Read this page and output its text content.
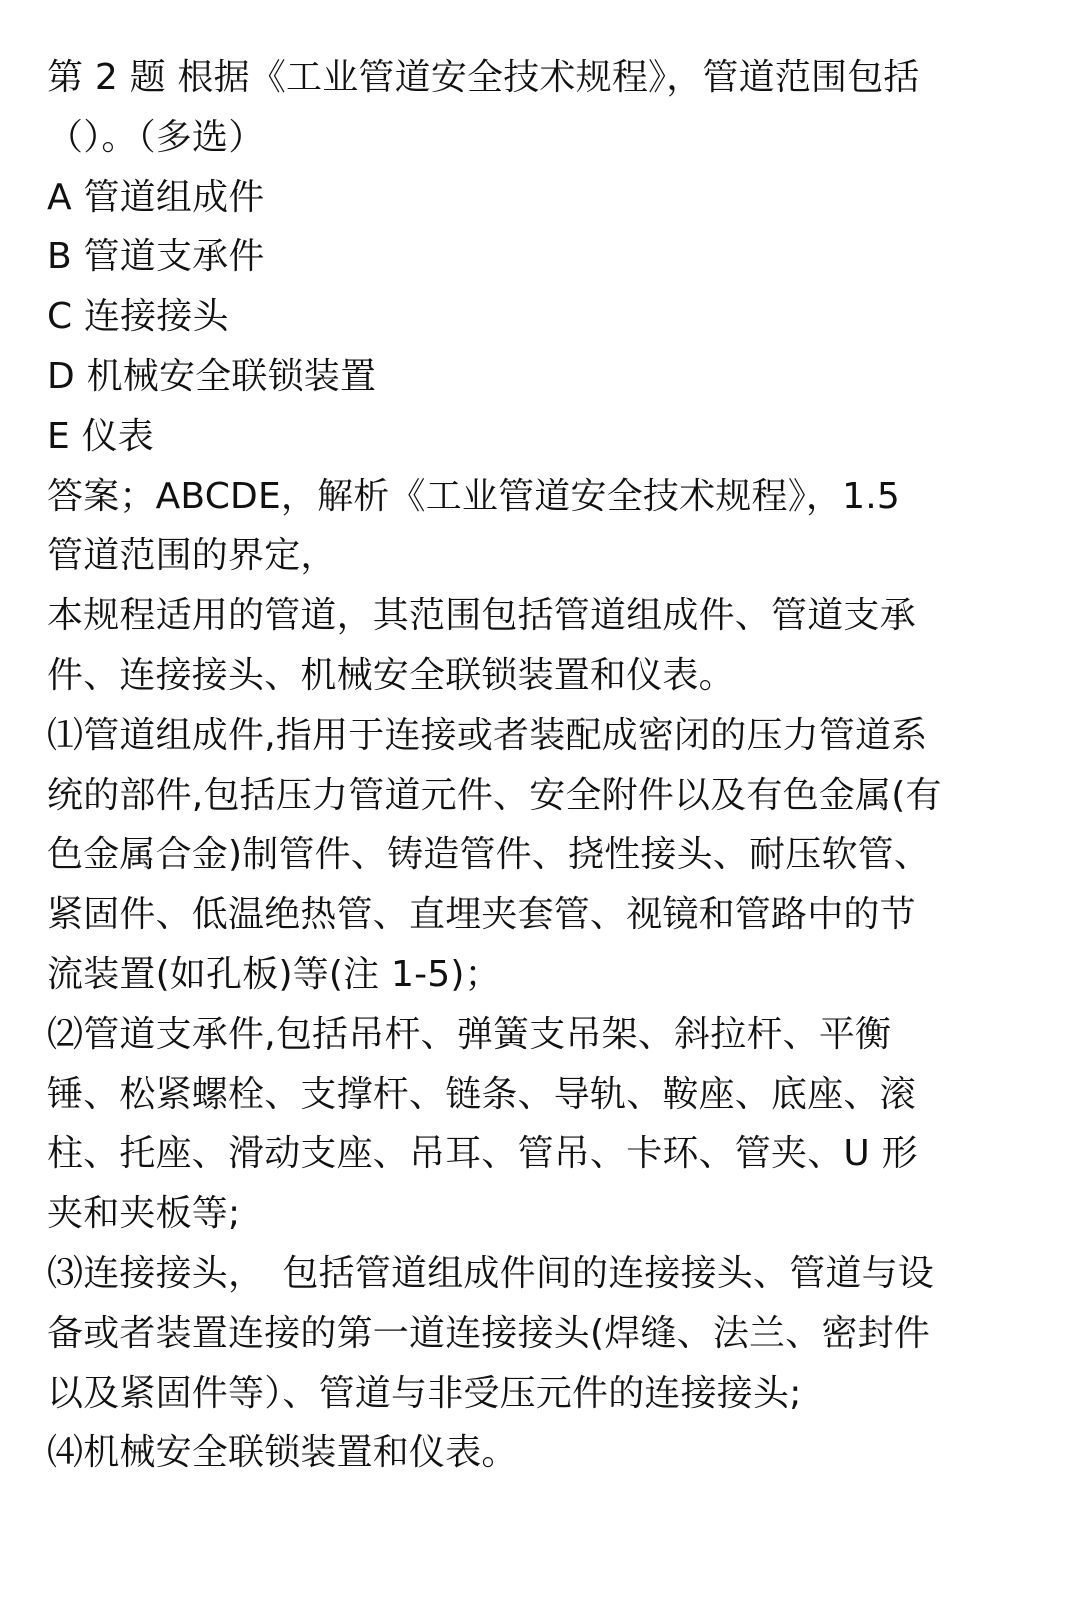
第 2 题 根据《工业管道安全技术规程》，管道范围包括
（）。（多选）
A 管道组成件
B 管道支承件
C 连接接头
D 机械安全联锁装置
E 仪表
答案；ABCDE，解析《工业管道安全技术规程》，1.5
管道范围的界定，
本规程适用的管道，其范围包括管道组成件、管道支承
件、连接接头、机械安全联锁装置和仪表。
⑴管道组成件,指用于连接或者装配成密闭的压力管道系
统的部件,包括压力管道元件、安全附件以及有色金属(有
色金属合金)制管件、铸造管件、挠性接头、耐压软管、
紧固件、低温绝热管、直埋夹套管、视镜和管路中的节
流装置(如孔板)等(注 1-5)；
⑵管道支承件,包括吊杆、弹簧支吊架、斜拉杆、平衡
锤、松紧螺栓、支撑杆、链条、导轨、鞍座、底座、滚
柱、托座、滑动支座、吊耳、管吊、卡环、管夹、U 形
夹和夹板等;
⑶连接接头，　包括管道组成件间的连接接头、管道与设
备或者装置连接的第一道连接接头(焊缝、法兰、密封件
以及紧固件等）、管道与非受压元件的连接接头;
⑷机械安全联锁装置和仪表。
